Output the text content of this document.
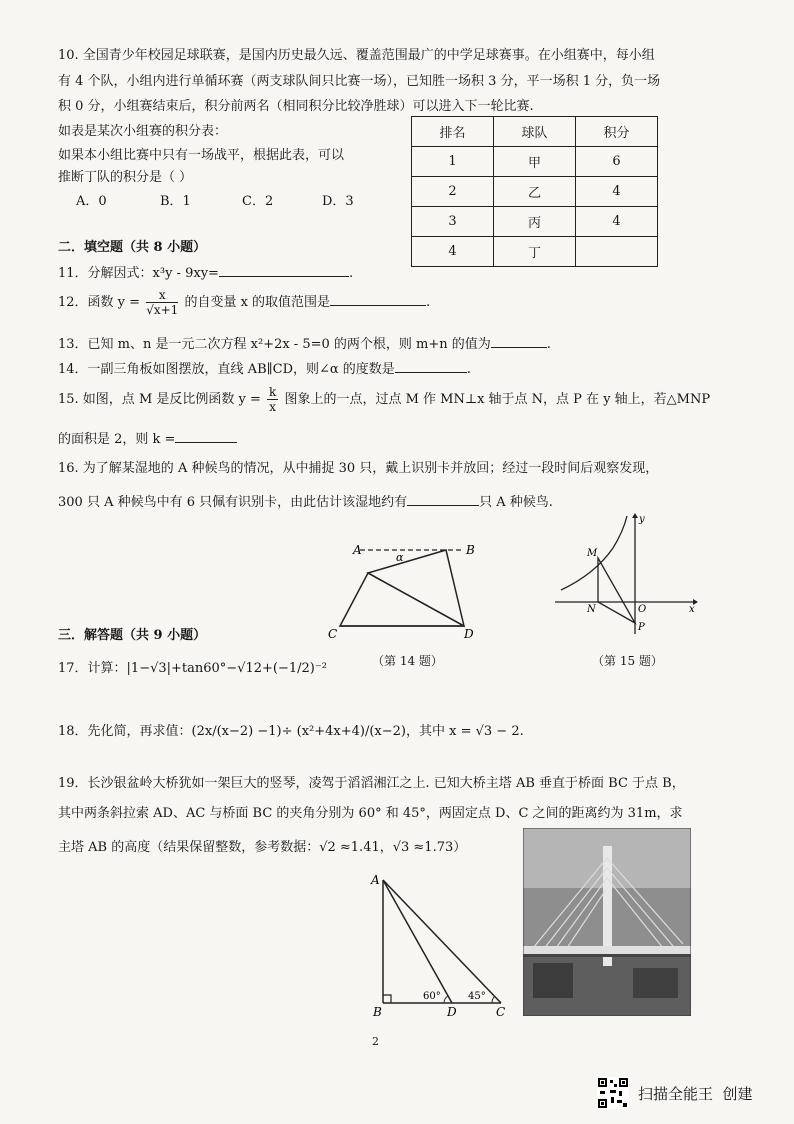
10. 全国青少年校园足球联赛，是国内历史最久远、覆盖范围最广的中学足球赛事。在小组赛中，每小组
有 4 个队，小组内进行单循环赛（两支球队间只比赛一场），已知胜一场积 3 分，平一场积 1 分，负一场
积 0 分，小组赛结束后，积分前两名（相同积分比较净胜球）可以进入下一轮比赛.
如表是某次小组赛的积分表：
如果本小组比赛中只有一场战平，根据此表，可以
推断丁队的积分是（ ）
A．0	B．1	C．2	D．3
排名	球队	积分
1	甲	6
2	乙	4
3	丙	4
4	丁	
二．填空题（共 8 小题）
11．分解因式：x³y - 9xy=	.
12．函数 $y = \frac{x}{√x+1}$ 的自变量 x 的取值范围是	.
13．已知 m、n 是一元二次方程 x²+2x - 5=0 的两个根，则 m+n 的值为	.
14．一副三角板如图摆放，直线 AB∥CD，则∠α 的度数是	.
15. 如图，点 M 是反比例函数 $y = \frac{k}{x}$ 图象上的一点，过点 M 作 MN⊥x 轴于点 N，点 P 在 y 轴上，若△MNP
的面积是 2，则 k =
16. 为了解某湿地的 A 种候鸟的情况，从中捕捉 30 只，戴上识别卡并放回；经过一段时间后观察发现，
300 只 A 种候鸟中有 6 只佩有识别卡，由此估计该湿地约有	只 A 种候鸟.
A	B
C	D
α
（第 14 题）
M
N	O
P
x
y
（第 15 题）
三．解答题（共 9 小题）
17．计算：|1−√3|+tan60°−√12+(−1/2)⁻²
18．先化简，再求值：(2x/(x−2) −1)÷ (x²+4x+4)/(x−2)，其中 x = √3 − 2.
19．长沙银盆岭大桥犹如一架巨大的竖琴，凌驾于滔滔湘江之上. 已知大桥主塔 AB 垂直于桥面 BC 于点 B，
其中两条斜拉索 AD、AC 与桥面 BC 的夹角分别为 60° 和 45°，两固定点 D、C 之间的距离约为 31m，求
主塔 AB 的高度（结果保留整数，参考数据：√2 ≈1.41，√3 ≈1.73）
A
B	D	C
60°	45°
2
扫描全能王  创建
